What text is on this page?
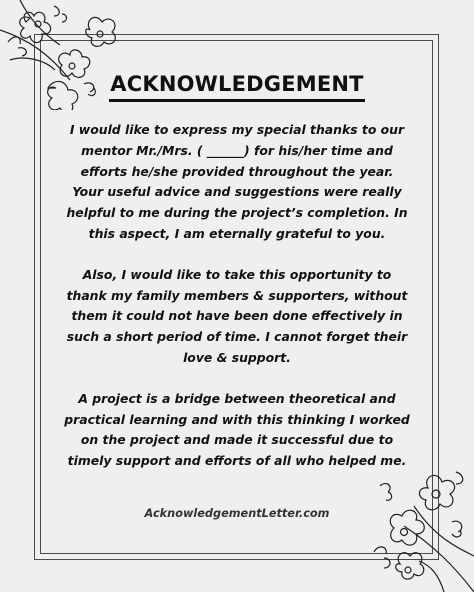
ACKNOWLEDGEMENT

I would like to express my special thanks to our mentor Mr./Mrs. ( ______) for his/her time and efforts he/she provided throughout the year. Your useful advice and suggestions were really helpful to me during the project’s completion. In this aspect, I am eternally grateful to you.

Also, I would like to take this opportunity to thank my family members & supporters, without them it could not have been done effectively in such a short period of time. I cannot forget their love & support.

A project is a bridge between theoretical and practical learning and with this thinking I worked on the project and made it successful due to timely support and efforts of all who helped me.

AcknowledgementLetter.com
